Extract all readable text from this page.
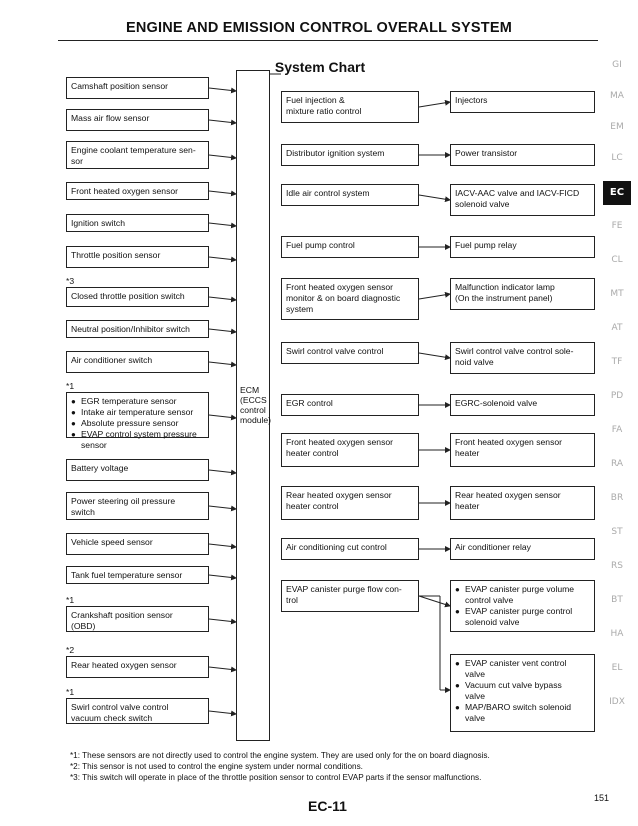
ENGINE AND EMISSION CONTROL OVERALL SYSTEM
System Chart
ECM
(ECCS
control
module)
Camshaft position sensor
Mass air flow sensor
Engine coolant temperature sen-
sor
Front heated oxygen sensor
Ignition switch
Throttle position sensor
Closed throttle position switch
*3
Neutral position/Inhibitor switch
Air conditioner switch
● EGR temperature sensor
● Intake air temperature sensor
● Absolute pressure sensor
● EVAP control system pressure
sensor
*1
Battery voltage
Power steering oil pressure
switch
Vehicle speed sensor
Tank fuel temperature sensor
Crankshaft position sensor
(OBD)
*1
Rear heated oxygen sensor
*2
Swirl control valve control
vacuum check switch
*1
Fuel injection &
mixture ratio control
Distributor ignition system
Idle air control system
Fuel pump control
Front heated oxygen sensor
monitor & on board diagnostic
system
Swirl control valve control
EGR control
Front heated oxygen sensor
heater control
Rear heated oxygen sensor
heater control
Air conditioning cut control
EVAP canister purge flow con-
trol
Injectors
Power transistor
IACV-AAC valve and IACV-FICD
solenoid valve
Fuel pump relay
Malfunction indicator lamp
(On the instrument panel)
Swirl control valve control sole-
noid valve
EGRC-solenoid valve
Front heated oxygen sensor
heater
Rear heated oxygen sensor
heater
Air conditioner relay
● EVAP canister purge volume
control valve
● EVAP canister purge control
solenoid valve
● EVAP canister vent control
valve
● Vacuum cut valve bypass
valve
● MAP/BARO switch solenoid
valve
GI
MA
EM
LC
EC
FE
CL
MT
AT
TF
PD
FA
RA
BR
ST
RS
BT
HA
EL
IDX
*1: These sensors are not directly used to control the engine system. They are used only for the on board diagnosis.
*2: This sensor is not used to control the engine system under normal conditions.
*3: This switch will operate in place of the throttle position sensor to control EVAP parts if the sensor malfunctions.
EC-11	151
